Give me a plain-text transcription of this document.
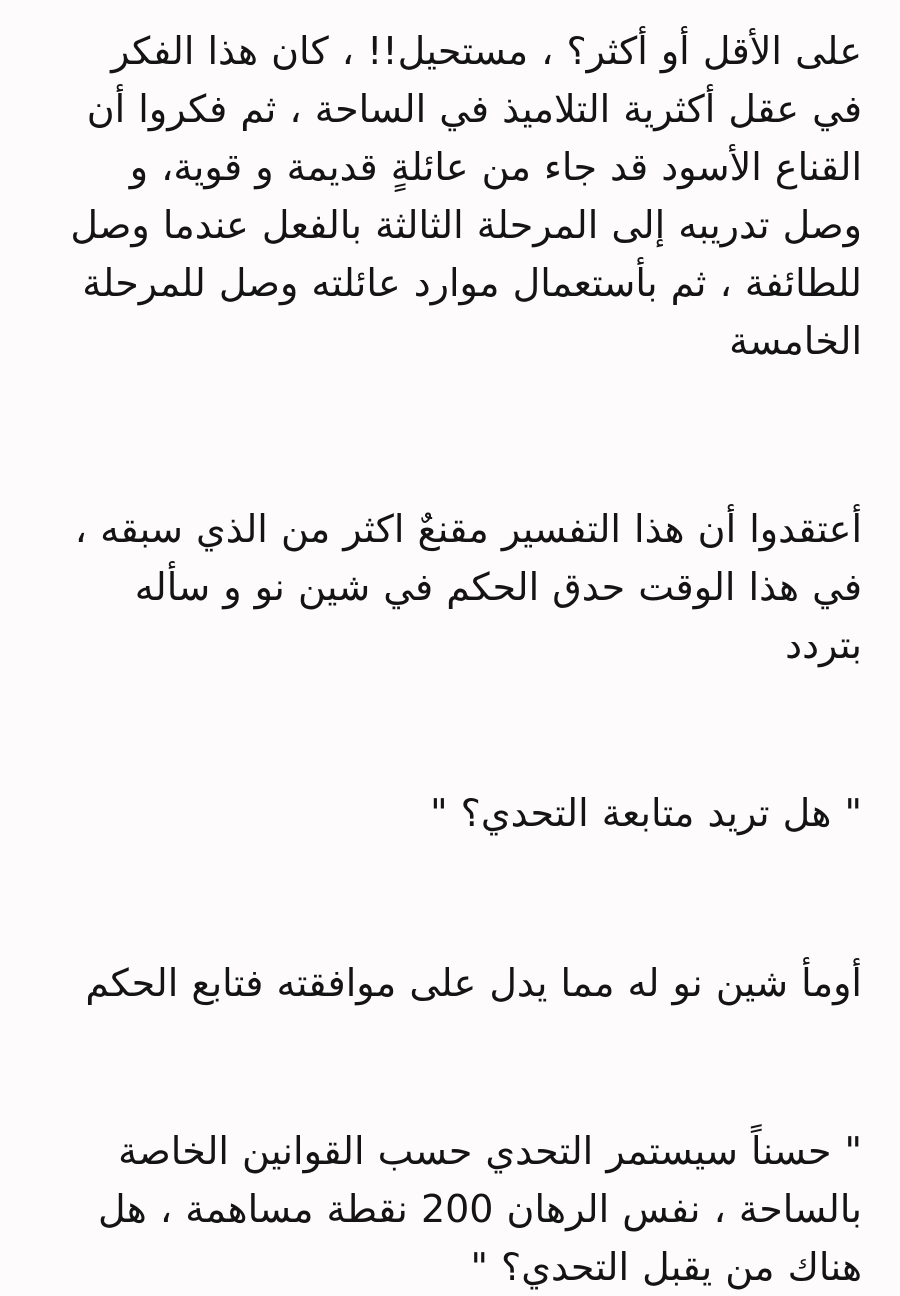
على الأقل أو أكثر؟ ، مستحيل!! ، كان هذا الفكر في عقل أكثرية التلاميذ في الساحة ، ثم فكروا أن القناع الأسود قد جاء من عائلةٍ قديمة و قوية، و وصل تدريبه إلى المرحلة الثالثة بالفعل عندما وصل للطائفة ، ثم بأستعمال موارد عائلته وصل للمرحلة الخامسة

أعتقدوا أن هذا التفسير مقنعٌ اكثر من الذي سبقه ، في هذا الوقت حدق الحكم في شين نو و سأله بتردد

" هل تريد متابعة التحدي؟ "

أومأ شين نو له مما يدل على موافقته فتابع الحكم

" حسناً سيستمر التحدي حسب القوانين الخاصة بالساحة ، نفس الرهان 200 نقطة مساهمة ، هل هناك من يقبل التحدي؟ "
